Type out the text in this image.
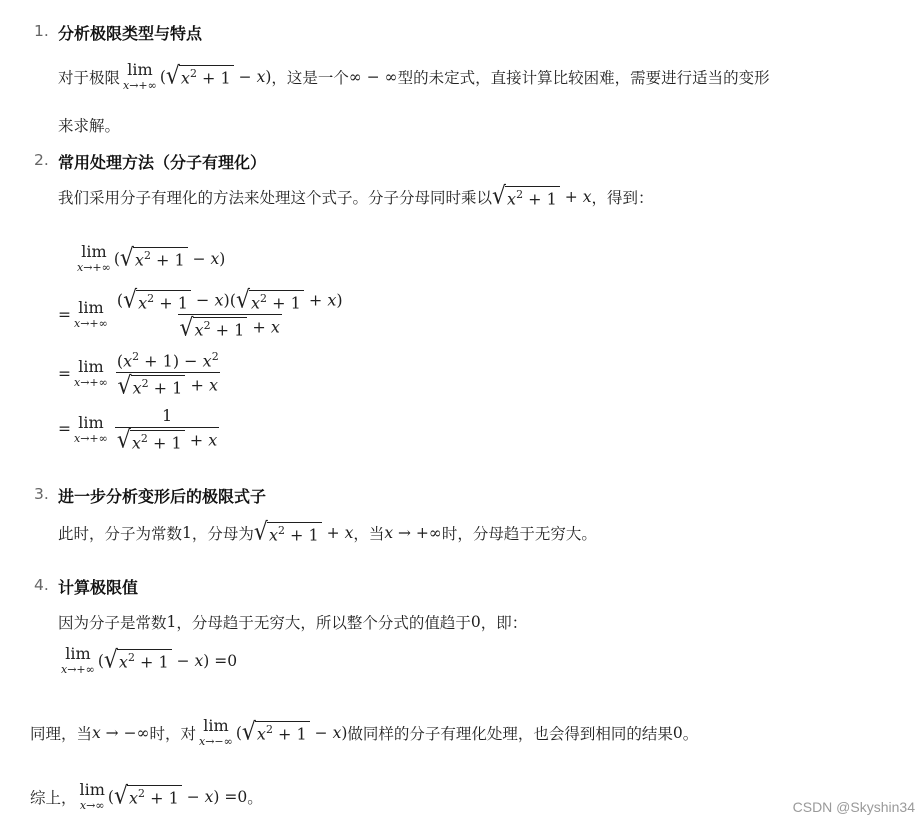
1. 分析极限类型与特点
对于极限 lim
x→+∞ ( √ $x^2 + 1 - x$) ，这是一个 ∞ − ∞ 型的未定式，直接计算比较困难，需要进行适当的变形
来求解。
2. 常用处理方法（分子有理化）
我们采用分子有理化的方法来处理这个式子。分子分母同时乘以 √ $x^2 + 1 + x$ ，得到：
lim
x→+∞ ( √ $x^2 + 1 - x$)
= lim
$x\to+\infty \frac{( √ x^2 + 1 - x)( √ x^2 + 1 + x)}{√ x^2 + 1 + x}$
= lim
$x\to+\infty \frac{(x^2 + 1) - x^2}{√ x^2 + 1 + x}$
= lim
$x\to+\infty \frac{1}{√ x^2 + 1 + x}$
3. 进一步分析变形后的极限式子
此时，分子为常数 1 ，分母为 √ $x^2 + 1 + x$ ，当 x → +∞ 时，分母趋于无穷大。
4. 计算极限值
因为分子是常数 1 ，分母趋于无穷大，所以整个分式的值趋于 0 ，即：
lim
x→+∞ ( √ $x^2 + 1 - x) = 0$
同理，当 x → −∞ 时，对 lim
x→−∞ ( √ $x^2 + 1 - x$) 做同样的分子有理化处理，也会得到相同的结果 0 。
综上， lim
x→∞ ( √ $x^2 + 1 - x) = 0$ 。
CSDN @Skyshin34
